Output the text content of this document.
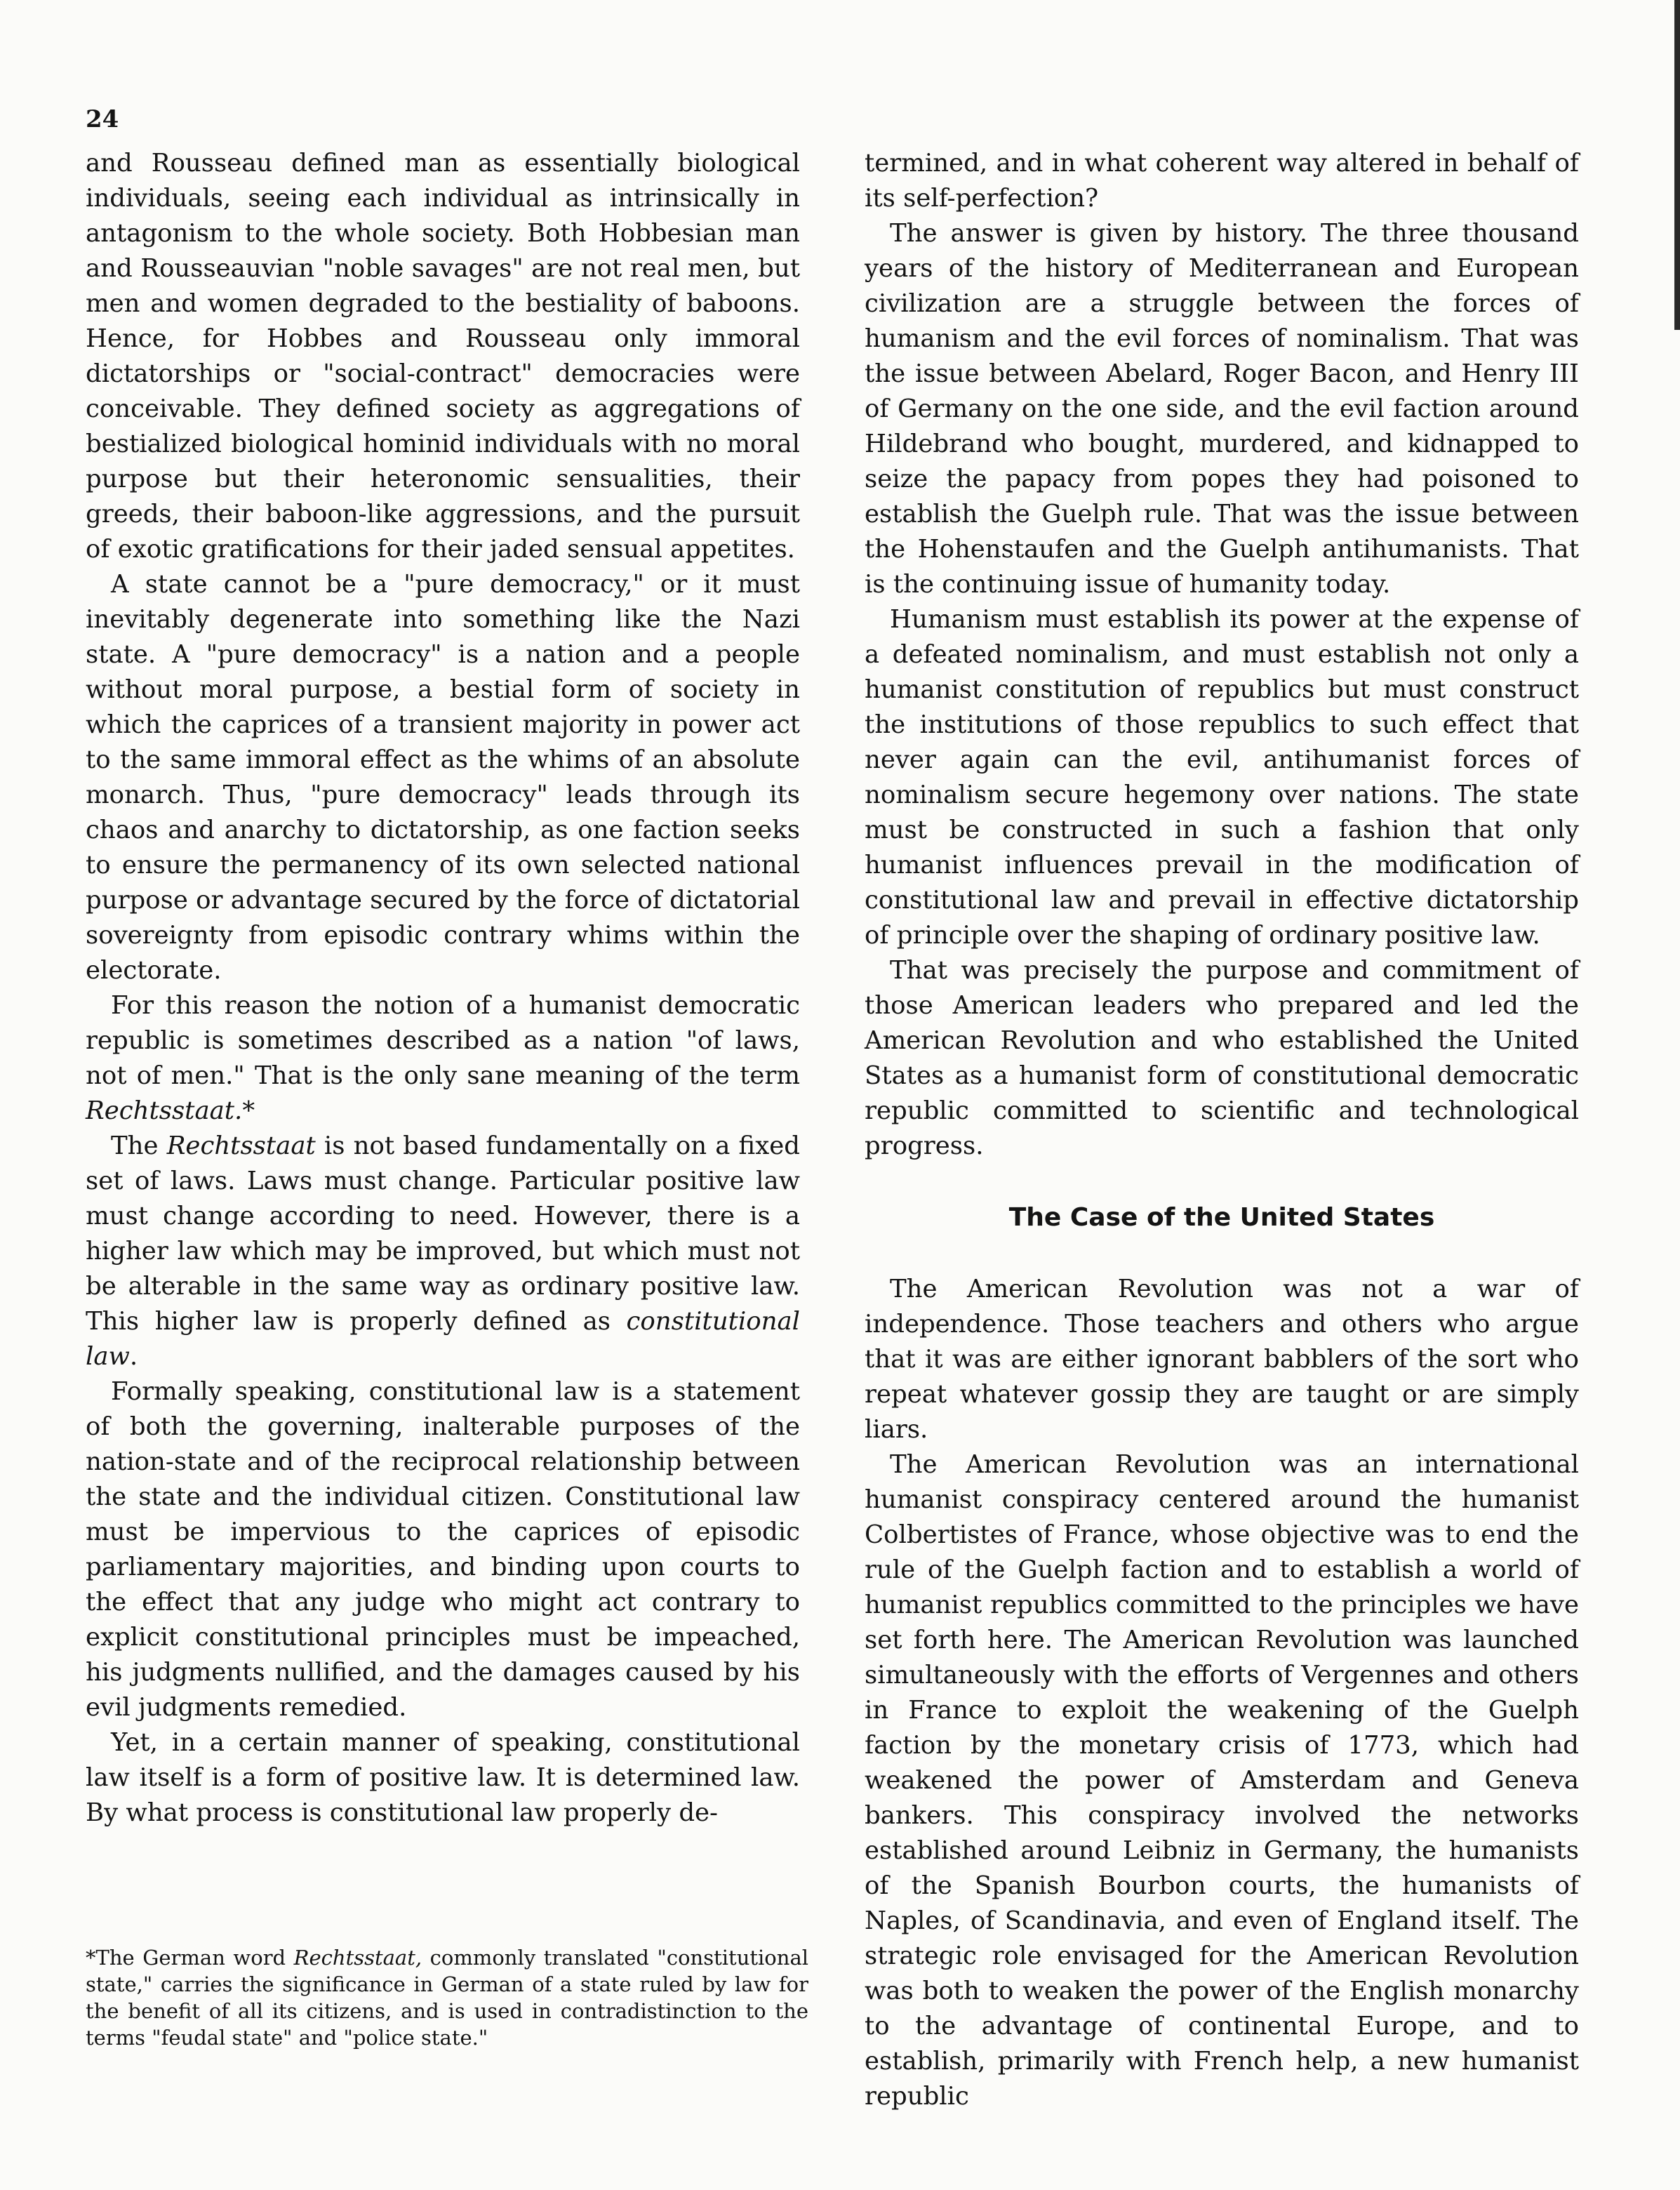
24

and Rousseau defined man as essentially biological individuals, seeing each individual as intrinsically in antagonism to the whole society. Both Hobbesian man and Rousseauvian "noble savages" are not real men, but men and women degraded to the bestiality of baboons. Hence, for Hobbes and Rousseau only immoral dictatorships or "social-contract" democracies were conceivable. They defined society as aggregations of bestialized biological hominid individuals with no moral purpose but their heteronomic sensualities, their greeds, their baboon-like aggressions, and the pursuit of exotic gratifications for their jaded sensual appetites.

A state cannot be a "pure democracy," or it must inevitably degenerate into something like the Nazi state. A "pure democracy" is a nation and a people without moral purpose, a bestial form of society in which the caprices of a transient majority in power act to the same immoral effect as the whims of an absolute monarch. Thus, "pure democracy" leads through its chaos and anarchy to dictatorship, as one faction seeks to ensure the permanency of its own selected national purpose or advantage secured by the force of dictatorial sovereignty from episodic contrary whims within the electorate.

For this reason the notion of a humanist democratic republic is sometimes described as a nation "of laws, not of men." That is the only sane meaning of the term Rechtsstaat.*

The Rechtsstaat is not based fundamentally on a fixed set of laws. Laws must change. Particular positive law must change according to need. However, there is a higher law which may be improved, but which must not be alterable in the same way as ordinary positive law. This higher law is properly defined as constitutional law.

Formally speaking, constitutional law is a statement of both the governing, inalterable purposes of the nation-state and of the reciprocal relationship between the state and the individual citizen. Constitutional law must be impervious to the caprices of episodic parliamentary majorities, and binding upon courts to the effect that any judge who might act contrary to explicit constitutional principles must be impeached, his judgments nullified, and the damages caused by his evil judgments remedied.

Yet, in a certain manner of speaking, constitutional law itself is a form of positive law. It is determined law. By what process is constitutional law properly de-

*The German word Rechtsstaat, commonly translated "constitutional state," carries the significance in German of a state ruled by law for the benefit of all its citizens, and is used in contradistinction to the terms "feudal state" and "police state."

termined, and in what coherent way altered in behalf of its self-perfection?

The answer is given by history. The three thousand years of the history of Mediterranean and European civilization are a struggle between the forces of humanism and the evil forces of nominalism. That was the issue between Abelard, Roger Bacon, and Henry III of Germany on the one side, and the evil faction around Hildebrand who bought, murdered, and kidnapped to seize the papacy from popes they had poisoned to establish the Guelph rule. That was the issue between the Hohenstaufen and the Guelph antihumanists. That is the continuing issue of humanity today.

Humanism must establish its power at the expense of a defeated nominalism, and must establish not only a humanist constitution of republics but must construct the institutions of those republics to such effect that never again can the evil, antihumanist forces of nominalism secure hegemony over nations. The state must be constructed in such a fashion that only humanist influences prevail in the modification of constitutional law and prevail in effective dictatorship of principle over the shaping of ordinary positive law.

That was precisely the purpose and commitment of those American leaders who prepared and led the American Revolution and who established the United States as a humanist form of constitutional democratic republic committed to scientific and technological progress.

The Case of the United States

The American Revolution was not a war of independence. Those teachers and others who argue that it was are either ignorant babblers of the sort who repeat whatever gossip they are taught or are simply liars.

The American Revolution was an international humanist conspiracy centered around the humanist Colbertistes of France, whose objective was to end the rule of the Guelph faction and to establish a world of humanist republics committed to the principles we have set forth here. The American Revolution was launched simultaneously with the efforts of Vergennes and others in France to exploit the weakening of the Guelph faction by the monetary crisis of 1773, which had weakened the power of Amsterdam and Geneva bankers. This conspiracy involved the networks established around Leibniz in Germany, the humanists of the Spanish Bourbon courts, the humanists of Naples, of Scandinavia, and even of England itself. The strategic role envisaged for the American Revolution was both to weaken the power of the English monarchy to the advantage of continental Europe, and to establish, primarily with French help, a new humanist republic
